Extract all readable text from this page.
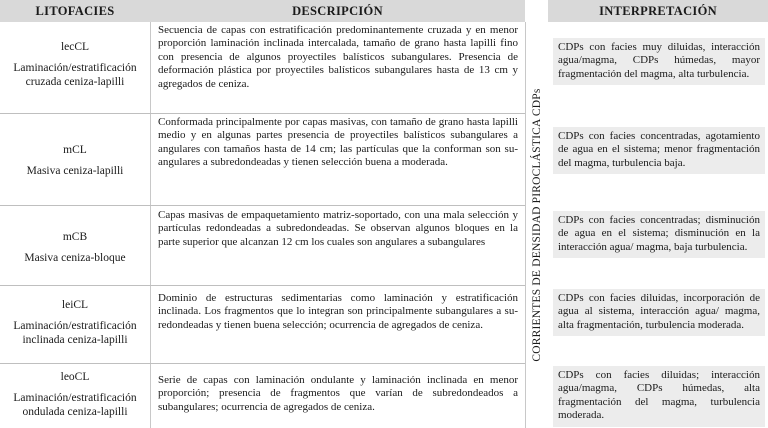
LITOFACIES	DESCRIPCIÓN	INTERPRETACIÓN
CORRIENTES DE DENSIDAD PIROCLÁSTICA CDPs
lecCL
Laminación/estratificación cruzada ceniza-lapilli
Secuencia de capas con estratificación predominantemente cruzada y en menor proporción laminación inclinada intercalada, tamaño de grano hasta lapilli fino con presencia de algunos proyectiles balísticos subangulares. Presencia de deformación plástica por proyectiles balísticos subangulares hasta de 13 cm y agregados de ceniza.
CDPs con facies muy diluidas, interacción agua/magma, CDPs húmedas, mayor fragmentación del magma, alta turbulencia.
mCL
Masiva ceniza-lapilli
Conformada principalmente por capas masivas, con tamaño de grano hasta lapilli medio y en algunas partes presencia de proyectiles balísticos subangulares a angulares con tamaños hasta de 14 cm; las partículas que la conforman son su-angulares a subredondeadas y tienen selección buena a moderada.
CDPs con facies concentradas, agotamiento de agua en el sistema; menor fragmentación del magma, turbulencia baja.
mCB
Masiva ceniza-bloque
Capas masivas de empaquetamiento matriz-soportado, con una mala selección y partículas redondeadas a subredondeadas. Se observan algunos bloques en la parte superior que alcanzan 12 cm los cuales son angulares a subangulares
CDPs con facies concentradas; disminución de agua en el sistema; disminución en la interacción agua/ magma, baja turbulencia.
leiCL
Laminación/estratificación inclinada ceniza-lapilli
Dominio de estructuras sedimentarias como laminación y estratificación inclinada. Los fragmentos que lo integran son principalmente subangulares a su-redondeadas y tienen buena selección; ocurrencia de agregados de ceniza.
CDPs con facies diluidas, incorporación de agua al sistema, interacción agua/ magma, alta fragmentación, turbulencia moderada.
leoCL
Laminación/estratificación ondulada ceniza-lapilli
Serie de capas con laminación ondulante y laminación inclinada en menor proporción; presencia de fragmentos que varían de subredondeados a subangulares; ocurrencia de agregados de ceniza.
CDPs con facies diluidas; interacción agua/magma, CDPs húmedas, alta fragmentación del magma, turbulencia moderada.
